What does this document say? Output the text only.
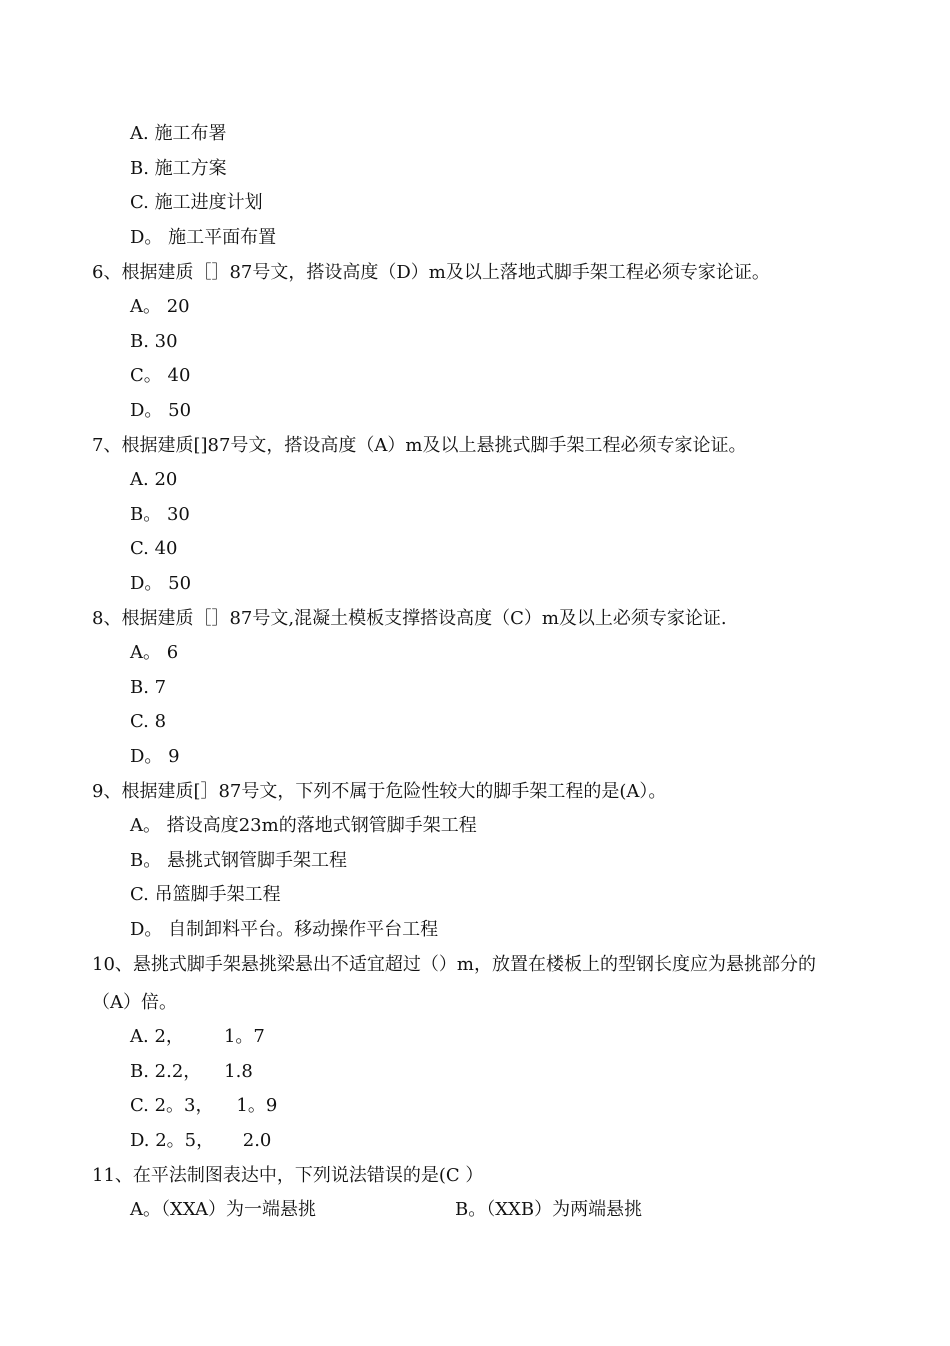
A. 施工布署
B. 施工方案
C. 施工进度计划
D。 施工平面布置
6、根据建质［］87号文，搭设高度（D）m及以上落地式脚手架工程必须专家论证。
A。 20
B. 30
C。 40
D。 50
7、根据建质[]87号文，搭设高度（A）m及以上悬挑式脚手架工程必须专家论证。
A. 20
B。 30
C. 40
D。 50
8、根据建质［］87号文,混凝土模板支撑搭设高度（C）m及以上必须专家论证.
A。 6
B. 7
C. 8
D。 9
9、根据建质[］87号文，下列不属于危险性较大的脚手架工程的是(A）。
A。 搭设高度23m的落地式钢管脚手架工程
B。 悬挑式钢管脚手架工程
C. 吊篮脚手架工程
D。 自制卸料平台。移动操作平台工程
10、悬挑式脚手架悬挑梁悬出不适宜超过（）m，放置在楼板上的型钢长度应为悬挑部分的
（A）倍。
A. 2，       1。7
B. 2.2，    1.8
C. 2。3，    1。9
D. 2。5，     2.0
11、在平法制图表达中，下列说法错误的是(C ）
A。（XXA）为一端悬挑	B。（XXB）为两端悬挑
